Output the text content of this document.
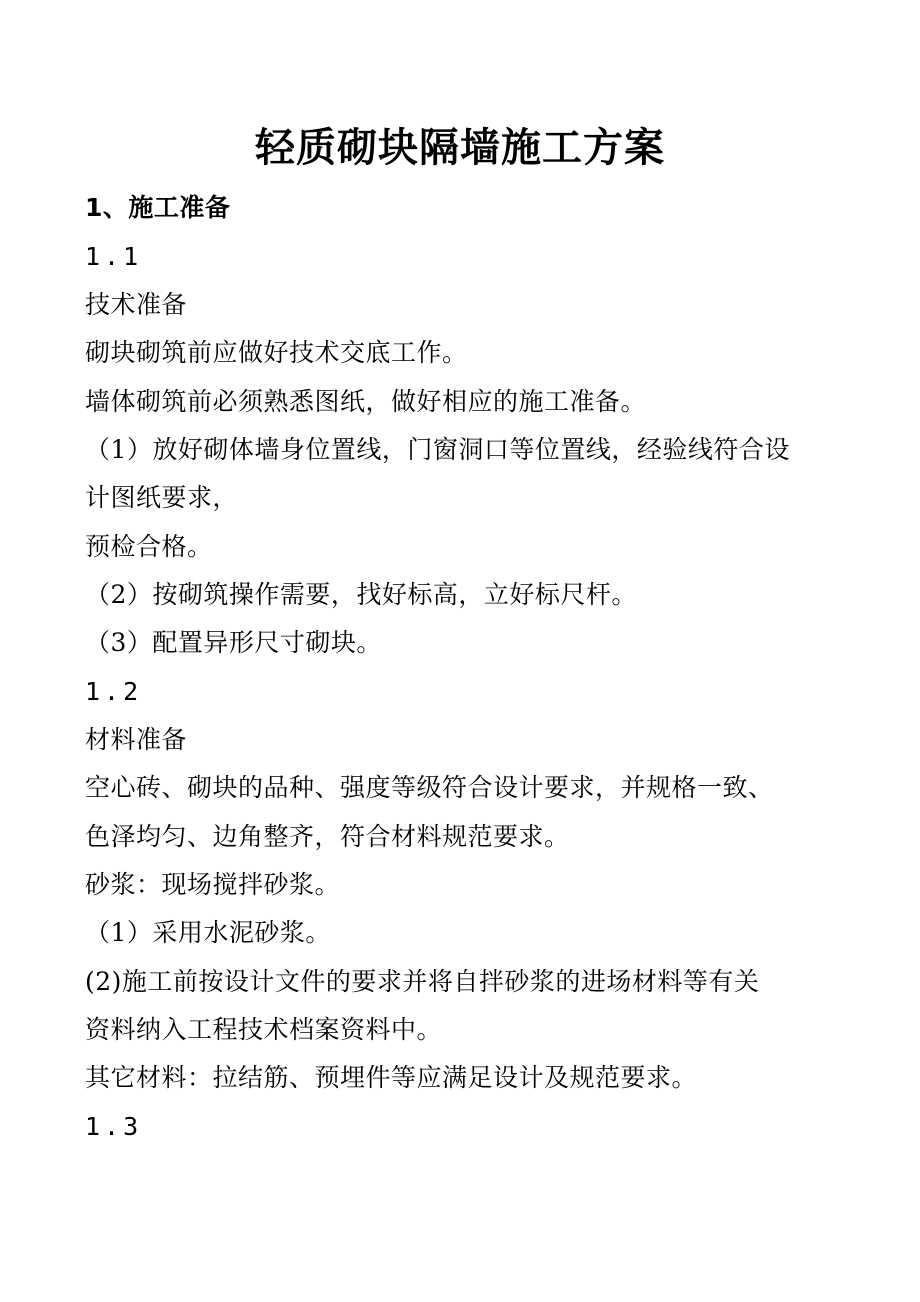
轻质砌块隔墙施工方案
1、施工准备
1.1
技术准备
砌块砌筑前应做好技术交底工作。
墙体砌筑前必须熟悉图纸，做好相应的施工准备。
（1）放好砌体墙身位置线，门窗洞口等位置线，经验线符合设
计图纸要求，
预检合格。
（2）按砌筑操作需要，找好标高，立好标尺杆。
（3）配置异形尺寸砌块。
1.2
材料准备
空心砖、砌块的品种、强度等级符合设计要求，并规格一致、
色泽均匀、边角整齐，符合材料规范要求。
砂浆：现场搅拌砂浆。
（1）采用水泥砂浆。
(2)施工前按设计文件的要求并将自拌砂浆的进场材料等有关
资料纳入工程技术档案资料中。
其它材料：拉结筋、预埋件等应满足设计及规范要求。
1.3
